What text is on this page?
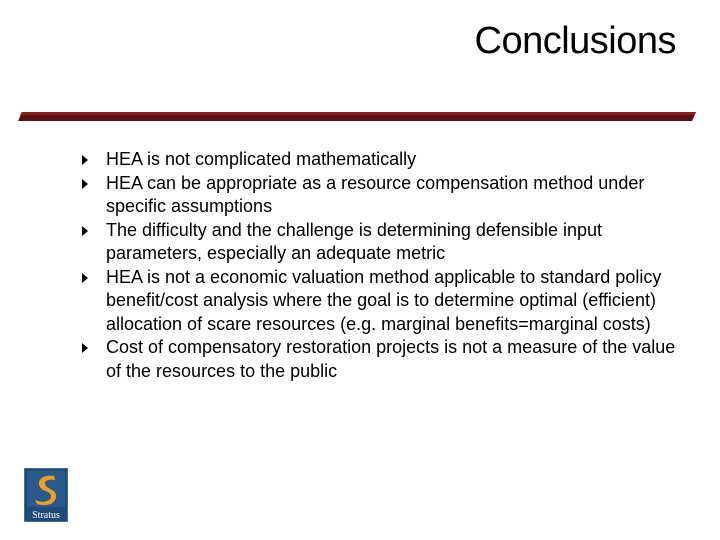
Conclusions
HEA is not complicated mathematically
HEA can be appropriate as a resource compensation method under specific assumptions
The difficulty and the challenge is determining defensible input parameters, especially an adequate metric
HEA is not a economic valuation method applicable to standard policy benefit/cost analysis where the goal is to determine optimal (efficient) allocation of scare resources (e.g. marginal benefits=marginal costs)
Cost of compensatory restoration projects is not a measure of the value of the resources to the public
Stratus
